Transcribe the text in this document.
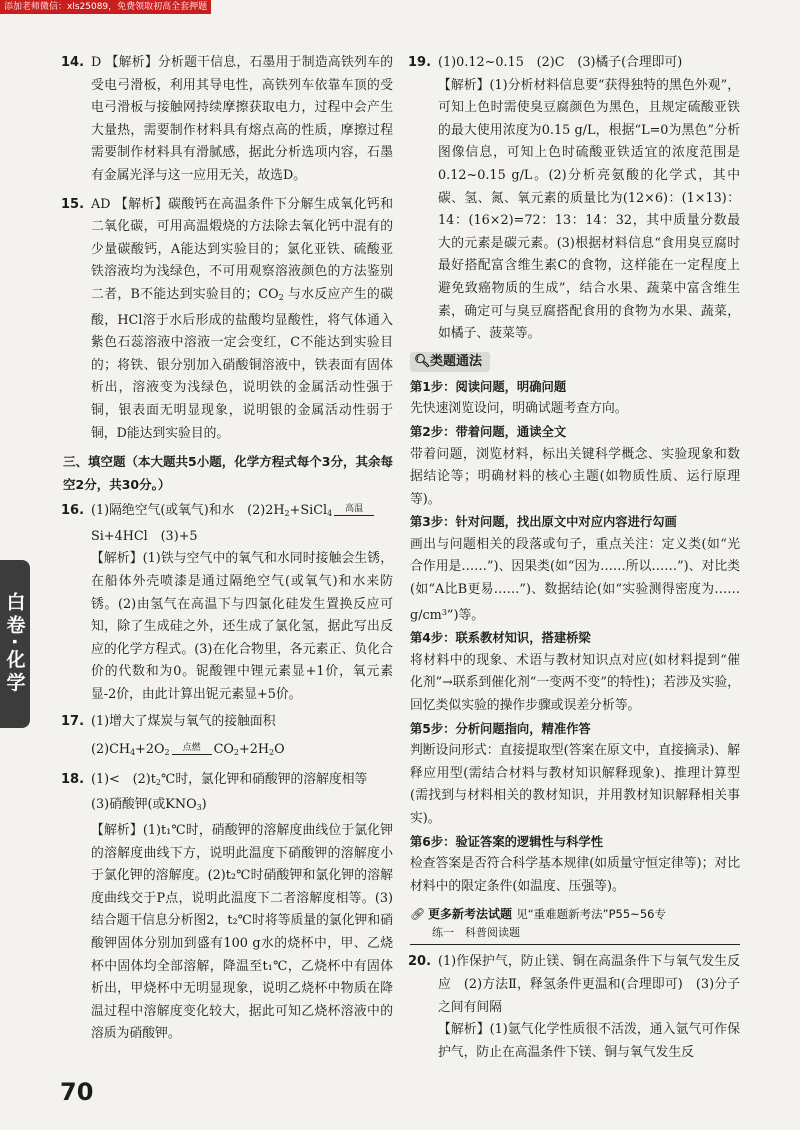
添加老师微信：xls25089，免费领取初高全套押题
白卷·化学

14. D 【解析】分析题干信息，石墨用于制造高铁列车的受电弓滑板，利用其导电性，高铁列车依靠车顶的受电弓滑板与接触网持续摩擦获取电力，过程中会产生大量热，需要制作材料具有熔点高的性质，摩擦过程需要制作材料具有滑腻感，据此分析选项内容，石墨有金属光泽与这一应用无关，故选D。

15. AD 【解析】碳酸钙在高温条件下分解生成氧化钙和二氧化碳，可用高温煅烧的方法除去氧化钙中混有的少量碳酸钙，A能达到实验目的；氯化亚铁、硫酸亚铁溶液均为浅绿色，不可用观察溶液颜色的方法鉴别二者，B不能达到实验目的；$CO_2$ 与水反应产生的碳酸，HCl溶于水后形成的盐酸均显酸性，将气体通入紫色石蕊溶液中溶液一定会变红，C不能达到实验目的；将铁、银分别加入硝酸铜溶液中，铁表面有固体析出，溶液变为浅绿色，说明铁的金属活动性强于铜，银表面无明显现象，说明银的金属活动性弱于铜，D能达到实验目的。

三、填空题（本大题共5小题，化学方程式每个3分，其余每空2分，共30分。）

16. (1)隔绝空气(或氧气)和水　$(2)2H_2+SiCl_4$ 高温
Si+4HCl　(3)+5
【解析】(1)铁与空气中的氧气和水同时接触会生锈，在船体外壳喷漆是通过隔绝空气(或氧气)和水来防锈。(2)由氢气在高温下与四氯化硅发生置换反应可知，除了生成硅之外，还生成了氯化氢，据此写出反应的化学方程式。(3)在化合物里，各元素正、负化合价的代数和为0。铌酸锂中锂元素显+1价，氧元素显-2价，由此计算出铌元素显+5价。

17. (1)增大了煤炭与氧气的接触面积
$(2)CH_4+2O_2$ 点燃 $CO_2+2H_2O$

18. (1)<　$(2)t_2℃$时，氯化钾和硝酸钾的溶解度相等
(3)硝酸钾(或$KNO_3$)
【解析】(1)t₁℃时，硝酸钾的溶解度曲线位于氯化钾的溶解度曲线下方，说明此温度下硝酸钾的溶解度小于氯化钾的溶解度。(2)t₂℃时硝酸钾和氯化钾的溶解度曲线交于P点，说明此温度下二者溶解度相等。(3)结合题干信息分析图2，t₂℃时将等质量的氯化钾和硝酸钾固体分别加到盛有100 g水的烧杯中，甲、乙烧杯中固体均全部溶解，降温至t₁℃，乙烧杯中有固体析出，甲烧杯中无明显现象，说明乙烧杯中物质在降温过程中溶解度变化较大，据此可知乙烧杯溶液中的溶质为硝酸钾。

19. (1)0.12~0.15　(2)C　(3)橘子(合理即可)
【解析】(1)分析材料信息要“获得独特的黑色外观”，可知上色时需使臭豆腐颜色为黑色，且规定硫酸亚铁的最大使用浓度为0.15 g/L，根据“L=0为黑色”分析图像信息，可知上色时硫酸亚铁适宜的浓度范围是0.12~0.15 g/L。(2)分析亮氨酸的化学式，其中碳、氢、氮、氧元素的质量比为(12×6)：(1×13)：14：(16×2)=72：13：14：32，其中质量分数最大的元素是碳元素。(3)根据材料信息“食用臭豆腐时最好搭配富含维生素C的食物，这样能在一定程度上避免致癌物质的生成”，结合水果、蔬菜中富含维生素，确定可与臭豆腐搭配食用的食物为水果、蔬菜，如橘子、菠菜等。

🔍︎类题通法

第1步：阅读问题，明确问题

先快速浏览设问，明确试题考查方向。

第2步：带着问题，通读全文

带着问题，浏览材料，标出关键科学概念、实验现象和数据结论等；明确材料的核心主题(如物质性质、运行原理等)。

第3步：针对问题，找出原文中对应内容进行勾画

画出与问题相关的段落或句子，重点关注：定义类(如“光合作用是……”)、因果类(如“因为……所以……”)、对比类(如“A比B更易……”)、数据结论(如“实验测得密度为$\dots\dots g/cm^3$”)等。

第4步：联系教材知识，搭建桥梁

将材料中的现象、术语与教材知识点对应(如材料提到“催化剂”→联系到催化剂“一变两不变”的特性)；若涉及实验，回忆类似实验的操作步骤或误差分析等。

第5步：分析问题指向，精准作答

判断设问形式：直接提取型(答案在原文中，直接摘录)、解释应用型(需结合材料与教材知识解释现象)、推理计算型(需找到与材料相关的教材知识，并用教材知识解释相关事实)。

第6步：验证答案的逻辑性与科学性

检查答案是否符合科学基本规律(如质量守恒定律等)；对比材料中的限定条件(如温度、压强等)。

🔗︎ 更多新考法试题 见“重难题新考法”P55~56专
练一　科普阅读题

20. (1)作保护气，防止镁、铜在高温条件下与氧气发生反应　(2)方法Ⅱ，释氢条件更温和(合理即可)　(3)分子之间有间隔
【解析】(1)氩气化学性质很不活泼，通入氩气可作保护气，防止在高温条件下镁、铜与氧气发生反

70
